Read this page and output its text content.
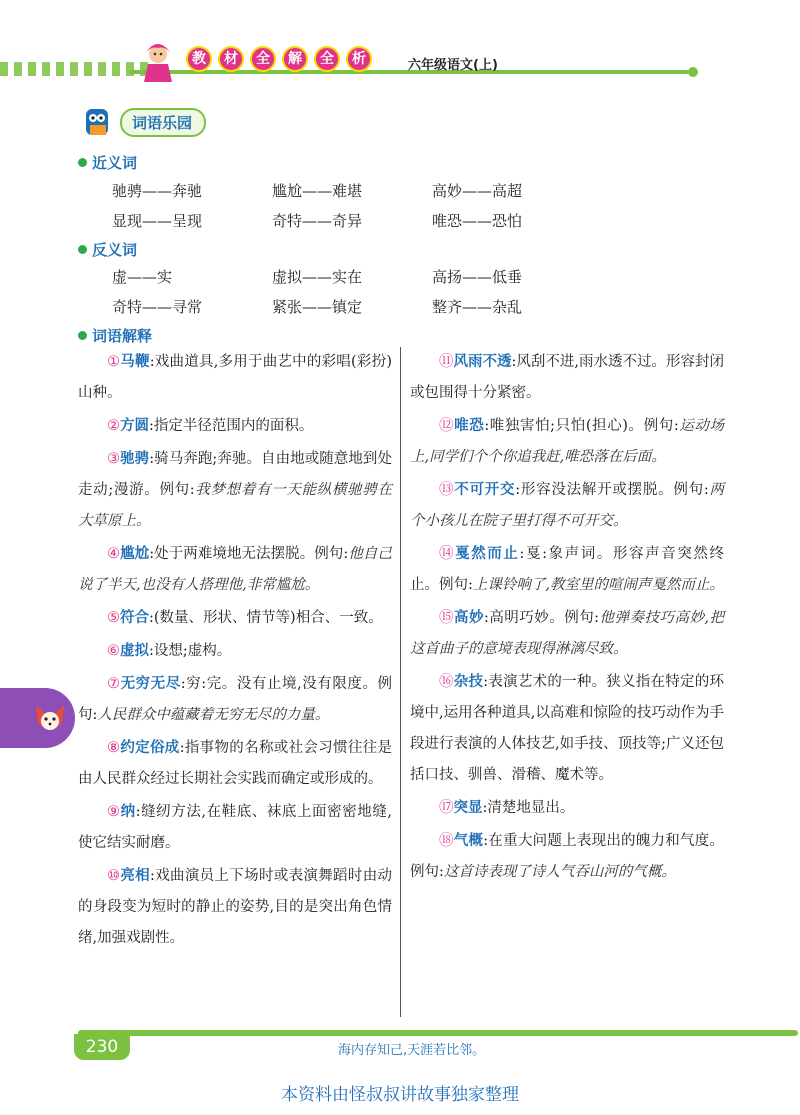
教	材	全	解	全	析	六年级语文(上)
词语乐园
近义词
驰骋——奔驰	尴尬——难堪	高妙——高超
显现——呈现	奇特——奇异	唯恐——恐怕
反义词
虚——实	虚拟——实在	高扬——低垂
奇特——寻常	紧张——镇定	整齐——杂乱
词语解释

①马鞭:戏曲道具,多用于曲艺中的彩唱(彩扮)山种。

②方圆:指定半径范围内的面积。

③驰骋:骑马奔跑;奔驰。自由地或随意地到处走动;漫游。例句:我梦想着有一天能纵横驰骋在大草原上。

④尴尬:处于两难境地无法摆脱。例句:他自己说了半天,也没有人搭理他,非常尴尬。

⑤符合:(数量、形状、情节等)相合、一致。

⑥虚拟:设想;虚构。

⑦无穷无尽:穷:完。没有止境,没有限度。例句:人民群众中蕴藏着无穷无尽的力量。

⑧约定俗成:指事物的名称或社会习惯往往是由人民群众经过长期社会实践而确定或形成的。

⑨纳:缝纫方法,在鞋底、袜底上面密密地缝,使它结实耐磨。

⑩亮相:戏曲演员上下场时或表演舞蹈时由动的身段变为短时的静止的姿势,目的是突出角色情绪,加强戏剧性。

⑪风雨不透:风刮不进,雨水透不过。形容封闭或包围得十分紧密。

⑫唯恐:唯独害怕;只怕(担心)。例句:运动场上,同学们个个你追我赶,唯恐落在后面。

⑬不可开交:形容没法解开或摆脱。例句:两个小孩儿在院子里打得不可开交。

⑭戛然而止:戛:象声词。形容声音突然终止。例句:上课铃响了,教室里的喧闹声戛然而止。

⑮高妙:高明巧妙。例句:他弹奏技巧高妙,把这首曲子的意境表现得淋漓尽致。

⑯杂技:表演艺术的一种。狭义指在特定的环境中,运用各种道具,以高难和惊险的技巧动作为手段进行表演的人体技艺,如手技、顶技等;广义还包括口技、驯兽、滑稽、魔术等。

⑰突显:清楚地显出。

⑱气概:在重大问题上表现出的魄力和气度。例句:这首诗表现了诗人气吞山河的气概。

230	海内存知己,天涯若比邻。
本资料由怪叔叔讲故事独家整理
